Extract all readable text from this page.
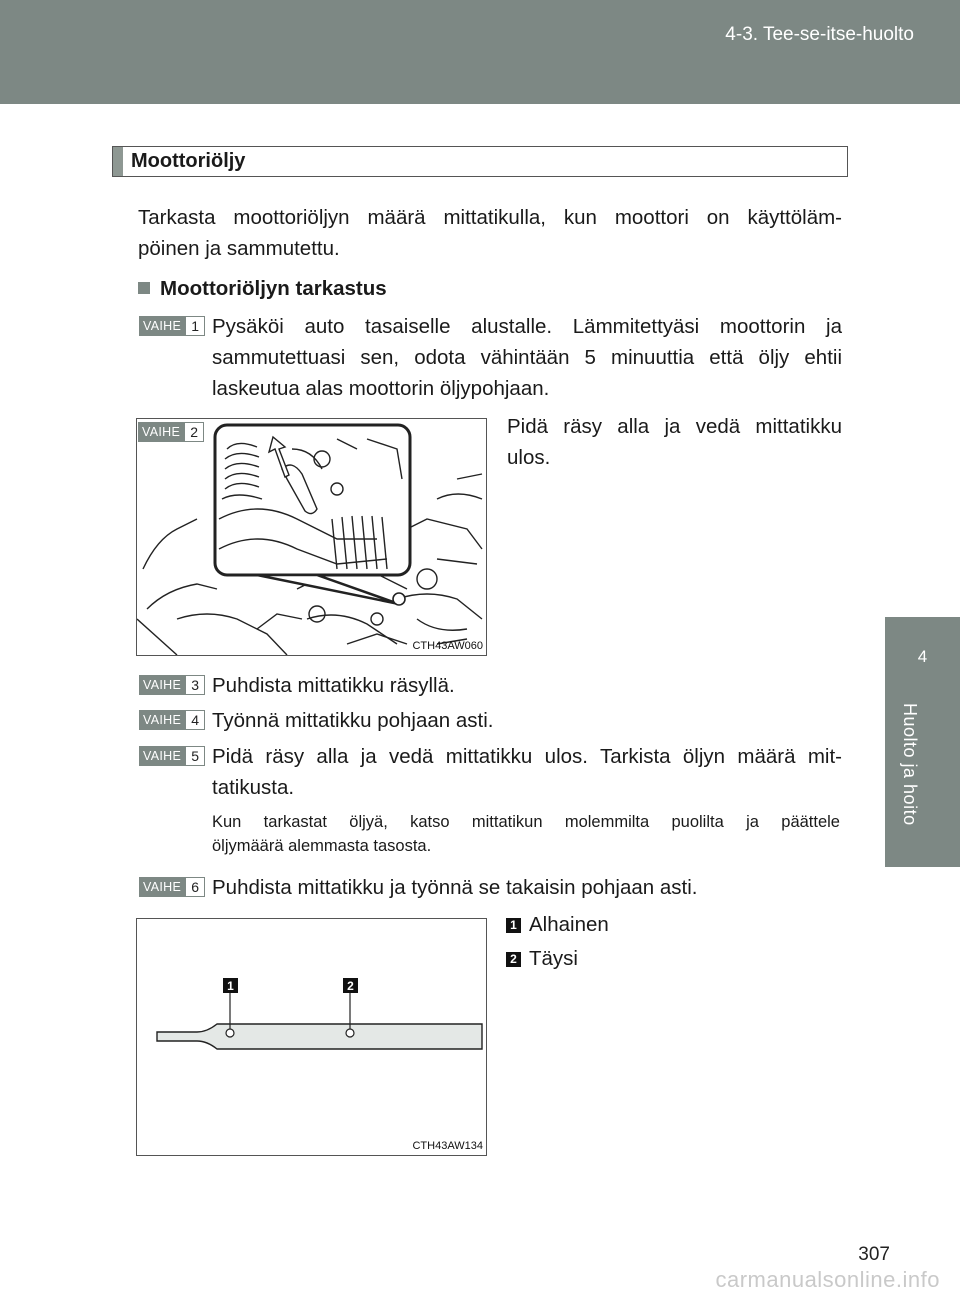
4-3. Tee-se-itse-huolto
4
Huolto ja hoito
Moottoriöljy
Tarkasta moottoriöljyn määrä mittatikulla, kun moottori on käyttöläm-
pöinen ja sammutettu.
Moottoriöljyn tarkastus
VAIHE 1 Pysäköi auto tasaiselle alustalle. Lämmitettyäsi moottorin ja
sammutettuasi sen, odota vähintään 5 minuuttia että öljy ehtii
laskeutua alas moottorin öljypohjaan.
CTH43AW060
VAIHE 2	Pidä räsy alla ja vedä mittatikku
ulos.
VAIHE 3 Puhdista mittatikku räsyllä.
VAIHE 4 Työnnä mittatikku pohjaan asti.
VAIHE 5 Pidä räsy alla ja vedä mittatikku ulos. Tarkista öljyn määrä mit-
tatikusta.
Kun tarkastat öljyä, katso mittatikun molemmilta puolilta ja päättele
öljymäärä alemmasta tasosta.
VAIHE 6 Puhdista mittatikku ja työnnä se takaisin pohjaan asti.
1	2
CTH43AW134
1 Alhainen
2 Täysi
307
carmanualsonline.info
